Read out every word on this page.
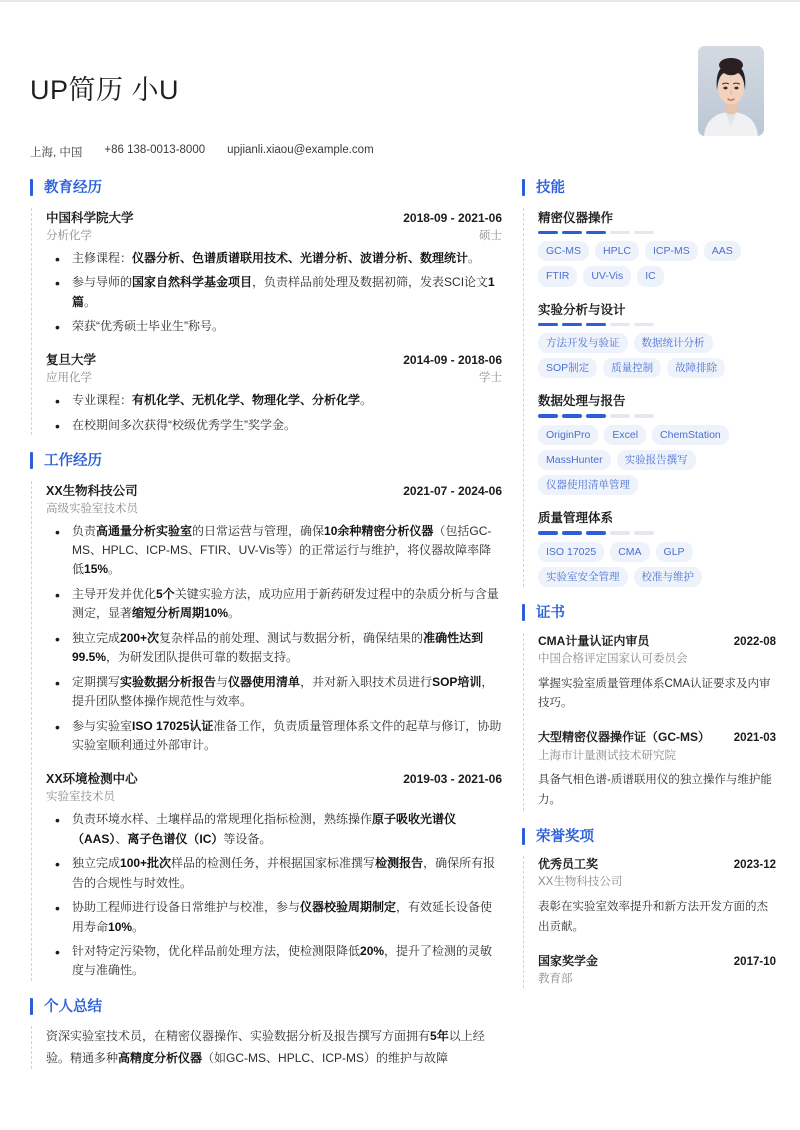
UP简历 小U
上海, 中国 +86 138-0013-8000 upjianli.xiaou@example.com
教育经历
中国科学院大学	2018-09 - 2021-06
分析化学	硕士
• 主修课程：仪器分析、色谱质谱联用技术、光谱分析、波谱分析、数理统计。
• 参与导师的国家自然科学基金项目，负责样品前处理及数据初筛，发表SCI论文1篇。
• 荣获“优秀硕士毕业生”称号。
复旦大学	2014-09 - 2018-06
应用化学	学士
• 专业课程：有机化学、无机化学、物理化学、分析化学。
• 在校期间多次获得“校级优秀学生”奖学金。
工作经历
XX生物科技公司	2021-07 - 2024-06
高级实验室技术员
• 负责高通量分析实验室的日常运营与管理，确保10余种精密分析仪器（包括GC-MS、HPLC、ICP-MS、FTIR、UV-Vis等）的正常运行与维护，将仪器故障率降低15%。
• 主导开发并优化5个关键实验方法，成功应用于新药研发过程中的杂质分析与含量测定，显著缩短分析周期10%。
• 独立完成200+次复杂样品的前处理、测试与数据分析，确保结果的准确性达到99.5%，为研发团队提供可靠的数据支持。
• 定期撰写实验数据分析报告与仪器使用清单，并对新入职技术员进行SOP培训，提升团队整体操作规范性与效率。
• 参与实验室ISO 17025认证准备工作，负责质量管理体系文件的起草与修订，协助实验室顺利通过外部审计。
XX环境检测中心	2019-03 - 2021-06
实验室技术员
• 负责环境水样、土壤样品的常规理化指标检测，熟练操作原子吸收光谱仪（AAS）、离子色谱仪（IC）等设备。
• 独立完成100+批次样品的检测任务，并根据国家标准撰写检测报告，确保所有报告的合规性与时效性。
• 协助工程师进行设备日常维护与校准，参与仪器校验周期制定，有效延长设备使用寿命10%。
• 针对特定污染物，优化样品前处理方法，使检测限降低20%，提升了检测的灵敏度与准确性。
个人总结
资深实验室技术员，在精密仪器操作、实验数据分析及报告撰写方面拥有5年以上经验。精通多种高精度分析仪器（如GC-MS、HPLC、ICP-MS）的维护与故障
技能
精密仪器操作
GC-MS	HPLC	ICP-MS	AAS
FTIR	UV-Vis	IC
实验分析与设计
方法开发与验证	数据统计分析
SOP制定	质量控制	故障排除
数据处理与报告
OriginPro	Excel	ChemStation
MassHunter	实验报告撰写
仪器使用清单管理
质量管理体系
ISO 17025	CMA	GLP
实验室安全管理	校准与维护
证书
CMA计量认证内审员	2022-08
中国合格评定国家认可委员会
掌握实验室质量管理体系CMA认证要求及内审技巧。
大型精密仪器操作证（GC-MS） 2021-03
上海市计量测试技术研究院
具备气相色谱-质谱联用仪的独立操作与维护能力。
荣誉奖项
优秀员工奖	2023-12
XX生物科技公司
表彰在实验室效率提升和新方法开发方面的杰出贡献。
国家奖学金	2017-10
教育部
